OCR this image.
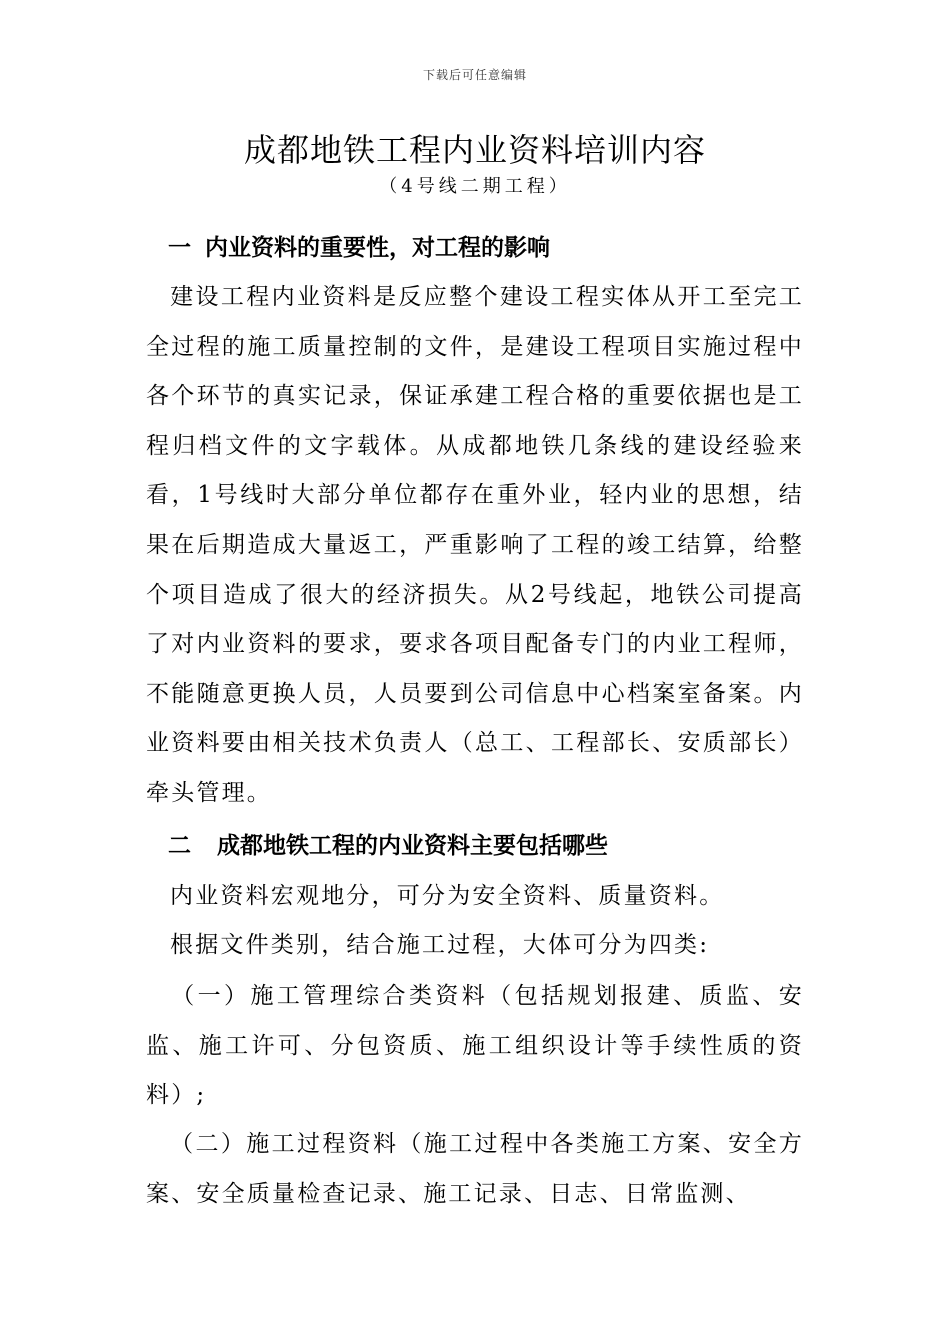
下载后可任意编辑
成都地铁工程内业资料培训内容
（4号线二期工程）
一 内业资料的重要性，对工程的影响
建设工程内业资料是反应整个建设工程实体从开工至完工全过程的施工质量控制的文件，是建设工程项目实施过程中各个环节的真实记录，保证承建工程合格的重要依据也是工程归档文件的文字载体。从成都地铁几条线的建设经验来看，1号线时大部分单位都存在重外业，轻内业的思想，结果在后期造成大量返工，严重影响了工程的竣工结算，给整个项目造成了很大的经济损失。从2号线起，地铁公司提高了对内业资料的要求，要求各项目配备专门的内业工程师，不能随意更换人员，人员要到公司信息中心档案室备案。内业资料要由相关技术负责人（总工、工程部长、安质部长）牵头管理。
二 成都地铁工程的内业资料主要包括哪些
内业资料宏观地分，可分为安全资料、质量资料。
根据文件类别，结合施工过程，大体可分为四类:
（一）施工管理综合类资料（包括规划报建、质监、安监、施工许可、分包资质、施工组织设计等手续性质的资料）;
（二）施工过程资料（施工过程中各类施工方案、安全方案、安全质量检查记录、施工记录、日志、日常监测、
